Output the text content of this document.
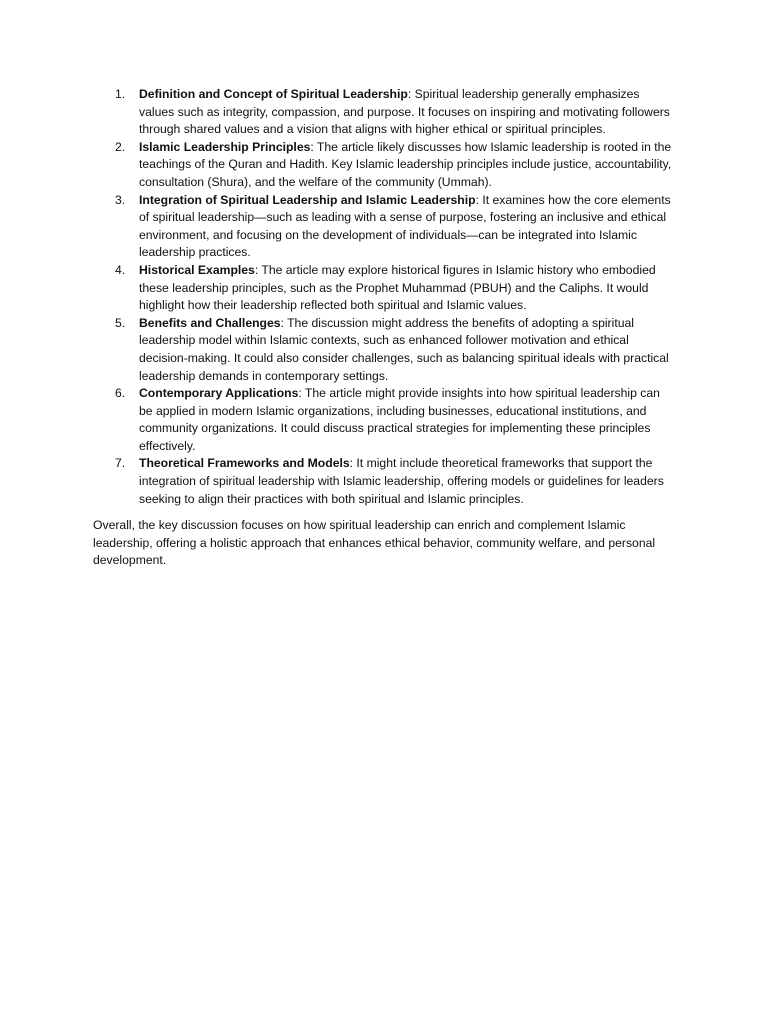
1. Definition and Concept of Spiritual Leadership: Spiritual leadership generally emphasizes values such as integrity, compassion, and purpose. It focuses on inspiring and motivating followers through shared values and a vision that aligns with higher ethical or spiritual principles.
2. Islamic Leadership Principles: The article likely discusses how Islamic leadership is rooted in the teachings of the Quran and Hadith. Key Islamic leadership principles include justice, accountability, consultation (Shura), and the welfare of the community (Ummah).
3. Integration of Spiritual Leadership and Islamic Leadership: It examines how the core elements of spiritual leadership—such as leading with a sense of purpose, fostering an inclusive and ethical environment, and focusing on the development of individuals—can be integrated into Islamic leadership practices.
4. Historical Examples: The article may explore historical figures in Islamic history who embodied these leadership principles, such as the Prophet Muhammad (PBUH) and the Caliphs. It would highlight how their leadership reflected both spiritual and Islamic values.
5. Benefits and Challenges: The discussion might address the benefits of adopting a spiritual leadership model within Islamic contexts, such as enhanced follower motivation and ethical decision-making. It could also consider challenges, such as balancing spiritual ideals with practical leadership demands in contemporary settings.
6. Contemporary Applications: The article might provide insights into how spiritual leadership can be applied in modern Islamic organizations, including businesses, educational institutions, and community organizations. It could discuss practical strategies for implementing these principles effectively.
7. Theoretical Frameworks and Models: It might include theoretical frameworks that support the integration of spiritual leadership with Islamic leadership, offering models or guidelines for leaders seeking to align their practices with both spiritual and Islamic principles.

Overall, the key discussion focuses on how spiritual leadership can enrich and complement Islamic leadership, offering a holistic approach that enhances ethical behavior, community welfare, and personal development.
